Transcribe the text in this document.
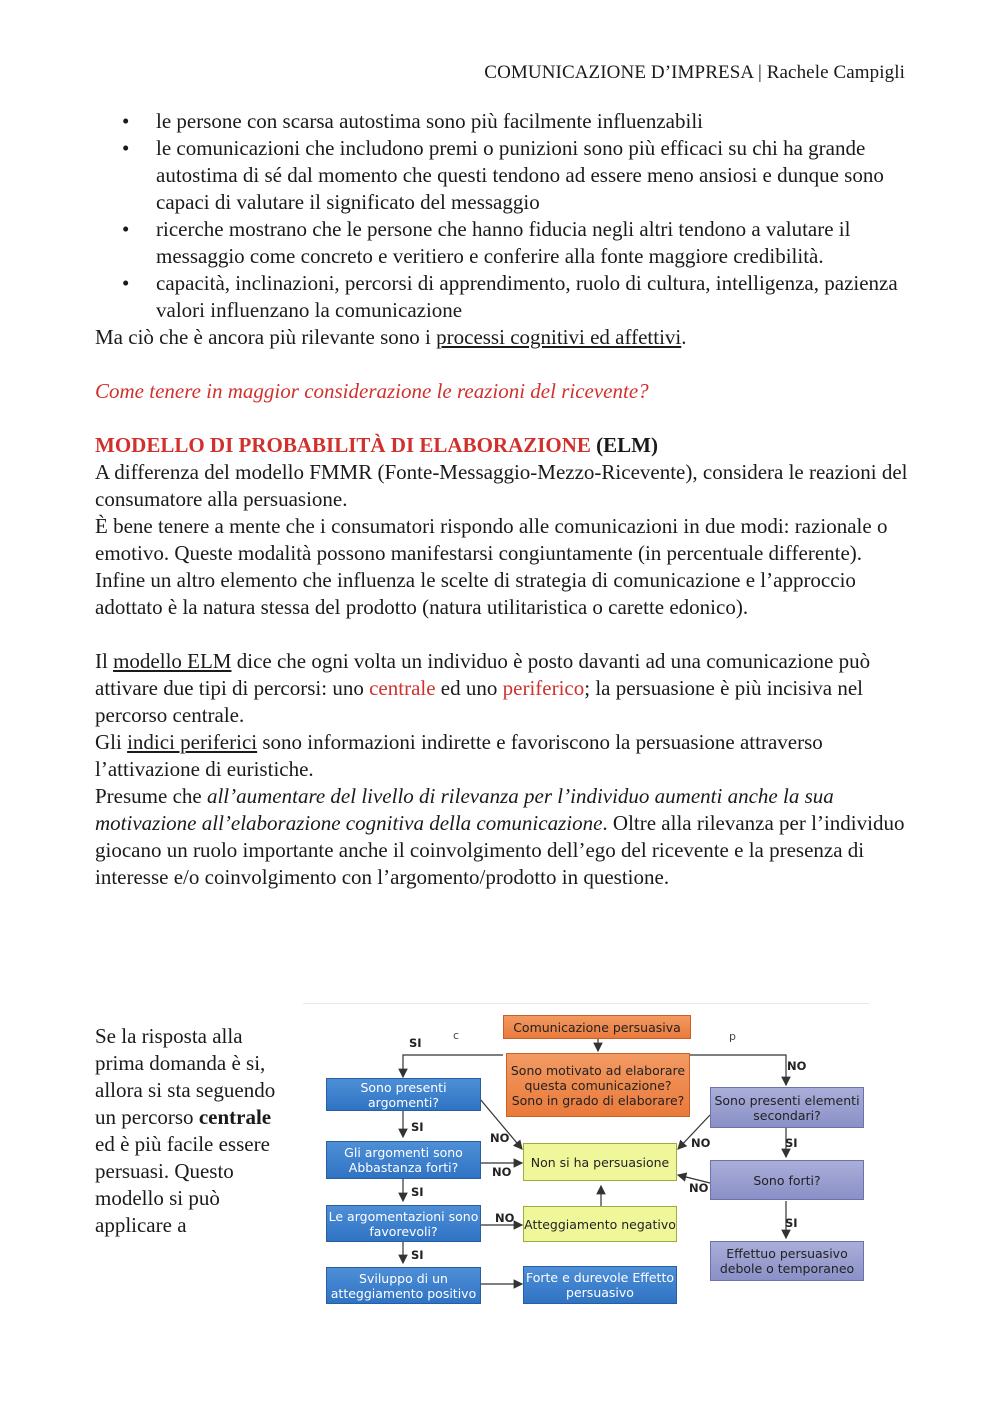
COMUNICAZIONE D’IMPRESA | Rachele Campigli
• le persone con scarsa autostima sono più facilmente influenzabili
• le comunicazioni che includono premi o punizioni sono più efficaci su chi ha grande autostima di sé dal momento che questi tendono ad essere meno ansiosi e dunque sono capaci di valutare il significato del messaggio
• ricerche mostrano che le persone che hanno fiducia negli altri tendono a valutare il messaggio come concreto e veritiero e conferire alla fonte maggiore credibilità.
• capacità, inclinazioni, percorsi di apprendimento, ruolo di cultura, intelligenza, pazienza valori influenzano la comunicazione

Ma ciò che è ancora più rilevante sono i processi cognitivi ed affettivi.

Come tenere in maggior considerazione le reazioni del ricevente?

MODELLO DI PROBABILITÀ DI ELABORAZIONE (ELM)

A differenza del modello FMMR (Fonte-Messaggio-Mezzo-Ricevente), considera le reazioni del consumatore alla persuasione.

È bene tenere a mente che i consumatori rispondo alle comunicazioni in due modi: razionale o emotivo. Queste modalità possono manifestarsi congiuntamente (in percentuale differente).

Infine un altro elemento che influenza le scelte di strategia di comunicazione e l’approccio adottato è la natura stessa del prodotto (natura utilitaristica o carette edonico).

Il modello ELM dice che ogni volta un individuo è posto davanti ad una comunicazione può attivare due tipi di percorsi: uno centrale ed uno periferico; la persuasione è più incisiva nel percorso centrale.

Gli indici periferici sono informazioni indirette e favoriscono la persuasione attraverso l’attivazione di euristiche.

Presume che all’aumentare del livello di rilevanza per l’individuo aumenti anche la sua motivazione all’elaborazione cognitiva della comunicazione. Oltre alla rilevanza per l’individuo giocano un ruolo importante anche il coinvolgimento dell’ego del ricevente e la presenza di interesse e/o coinvolgimento con l’argomento/prodotto in questione.

Se la risposta alla prima domanda è si, allora si sta seguendo un percorso centrale ed è più facile essere persuasi. Questo modello si può applicare a
Comunicazione persuasiva
Sono motivato ad elaborare questa comunicazione? Sono in grado di elaborare?
Sono presenti argomenti?
Gli argomenti sono Abbastanza forti?
Le argomentazioni sono favorevoli?
Sviluppo di un atteggiamento positivo
Non si ha persuasione
Atteggiamento negativo
Forte e durevole Effetto persuasivo
Sono presenti elementi secondari?
Sono forti?
Effettuo persuasivo debole o temporaneo
SI
c	p
NO
SI
NO
NO
SI
NO
SI
NO	SI
NO
SI
